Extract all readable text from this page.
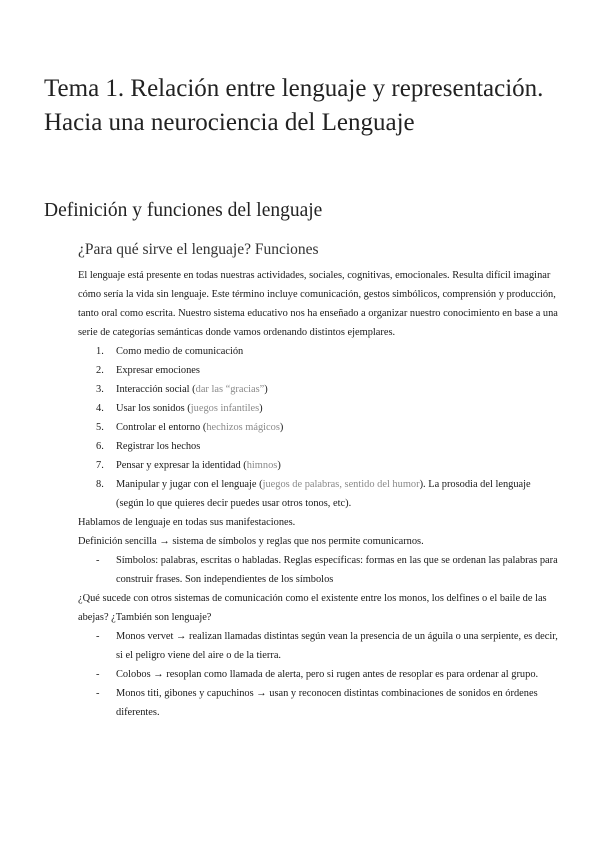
Tema 1. Relación entre lenguaje y representación. Hacia una neurociencia del Lenguaje
Definición y funciones del lenguaje
¿Para qué sirve el lenguaje? Funciones

El lenguaje está presente en todas nuestras actividades, sociales, cognitivas, emocionales. Resulta difícil imaginar cómo sería la vida sin lenguaje. Este término incluye comunicación, gestos simbólicos, comprensión y producción, tanto oral como escrita. Nuestro sistema educativo nos ha enseñado a organizar nuestro conocimiento en base a una serie de categorías semánticas donde vamos ordenando distintos ejemplares.

1. Como medio de comunicación
2. Expresar emociones
3. Interacción social (dar las “gracias”)
4. Usar los sonidos (juegos infantiles)
5. Controlar el entorno (hechizos mágicos)
6. Registrar los hechos
7. Pensar y expresar la identidad (himnos)
8. Manipular y jugar con el lenguaje (juegos de palabras, sentido del humor). La prosodia del lenguaje (según lo que quieres decir puedes usar otros tonos, etc).

Hablamos de lenguaje en todas sus manifestaciones.

Definición sencilla → sistema de símbolos y reglas que nos permite comunicarnos.

- Símbolos: palabras, escritas o habladas. Reglas específicas: formas en las que se ordenan las palabras para construir frases. Son independientes de los símbolos

¿Qué sucede con otros sistemas de comunicación como el existente entre los monos, los delfines o el baile de las abejas? ¿También son lenguaje?

- Monos vervet → realizan llamadas distintas según vean la presencia de un águila o una serpiente, es decir, si el peligro viene del aire o de la tierra.
- Colobos → resoplan como llamada de alerta, pero si rugen antes de resoplar es para ordenar al grupo.
- Monos titi, gibones y capuchinos → usan y reconocen distintas combinaciones de sonidos en órdenes diferentes.
